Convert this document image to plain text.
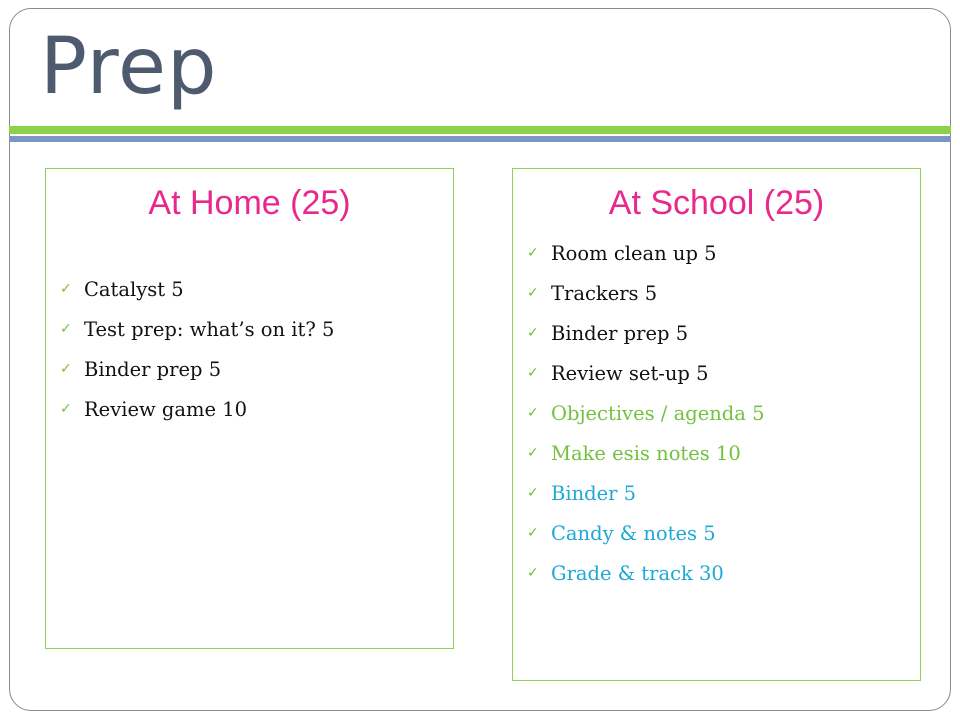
Prep
At Home (25)
✓ Catalyst 5
✓ Test prep: what’s on it? 5
✓ Binder prep 5
✓ Review game 10
At School (25)
✓ Room clean up 5
✓ Trackers 5
✓ Binder prep 5
✓ Review set-up 5
✓ Objectives / agenda 5
✓ Make esis notes 10
✓ Binder 5
✓ Candy & notes 5
✓ Grade & track 30
